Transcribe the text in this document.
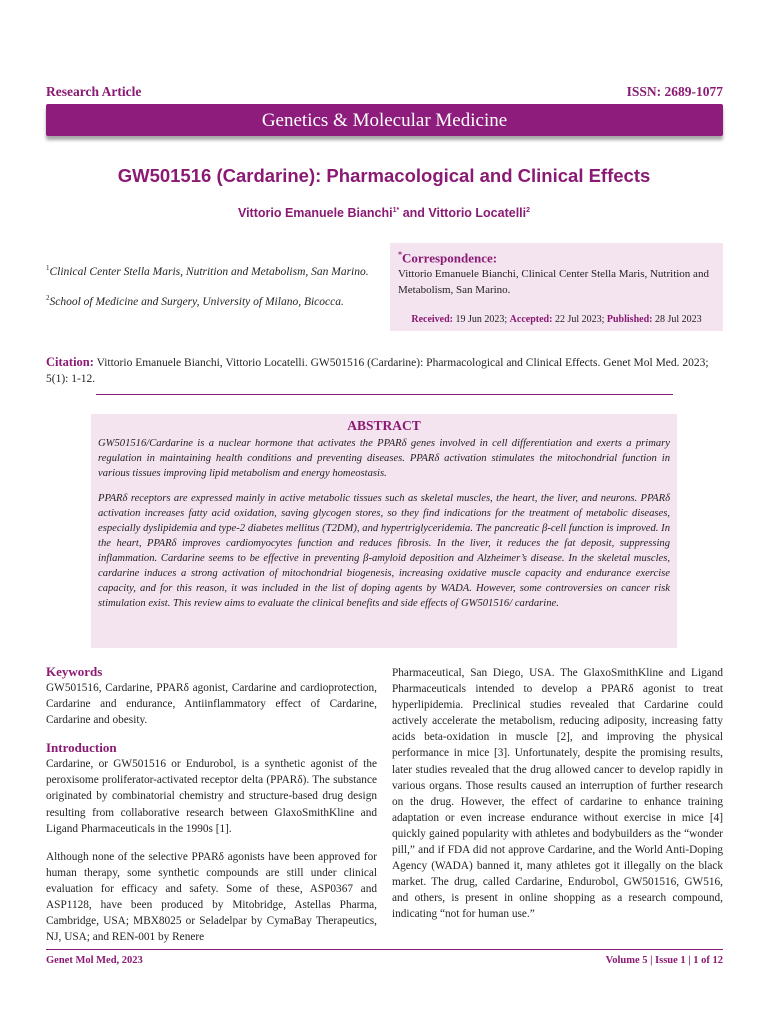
Research Article	ISSN: 2689-1077
Genetics & Molecular Medicine
GW501516 (Cardarine): Pharmacological and Clinical Effects
Vittorio Emanuele Bianchi$^{1*}$ and Vittorio Locatelli$^2$
$^1$Clinical Center Stella Maris, Nutrition and Metabolism, San Marino.
$^2$School of Medicine and Surgery, University of Milano, Bicocca.
*Correspondence:
Vittorio Emanuele Bianchi, Clinical Center Stella Maris, Nutrition and Metabolism, San Marino.
Received: 19 Jun 2023; Accepted: 22 Jul 2023; Published: 28 Jul 2023
Citation: Vittorio Emanuele Bianchi, Vittorio Locatelli. GW501516 (Cardarine): Pharmacological and Clinical Effects. Genet Mol Med. 2023; 5(1): 1-12.
ABSTRACT

GW501516/Cardarine is a nuclear hormone that activates the PPARδ genes involved in cell differentiation and exerts a primary regulation in maintaining health conditions and preventing diseases. PPARδ activation stimulates the mitochondrial function in various tissues improving lipid metabolism and energy homeostasis.

PPARδ receptors are expressed mainly in active metabolic tissues such as skeletal muscles, the heart, the liver, and neurons. PPARδ activation increases fatty acid oxidation, saving glycogen stores, so they find indications for the treatment of metabolic diseases, especially dyslipidemia and type-2 diabetes mellitus (T2DM), and hypertriglyceridemia. The pancreatic β-cell function is improved. In the heart, PPARδ improves cardiomyocytes function and reduces fibrosis. In the liver, it reduces the fat deposit, suppressing inflammation. Cardarine seems to be effective in preventing β-amyloid deposition and Alzheimer’s disease. In the skeletal muscles, cardarine induces a strong activation of mitochondrial biogenesis, increasing oxidative muscle capacity and endurance exercise capacity, and for this reason, it was included in the list of doping agents by WADA. However, some controversies on cancer risk stimulation exist. This review aims to evaluate the clinical benefits and side effects of GW501516/ cardarine.

Keywords
GW501516, Cardarine, PPARδ agonist, Cardarine and cardioprotection, Cardarine and endurance, Antiinflammatory effect of Cardarine, Cardarine and obesity.
Introduction
Cardarine, or GW501516 or Endurobol, is a synthetic agonist of the peroxisome proliferator-activated receptor delta (PPARδ). The substance originated by combinatorial chemistry and structure-based drug design resulting from collaborative research between GlaxoSmithKline and Ligand Pharmaceuticals in the 1990s [1].
Although none of the selective PPARδ agonists have been approved for human therapy, some synthetic compounds are still under clinical evaluation for efficacy and safety. Some of these, ASP0367 and ASP1128, have been produced by Mitobridge, Astellas Pharma, Cambridge, USA; MBX8025 or Seladelpar by CymaBay Therapeutics, NJ, USA; and REN-001 by Renere
Pharmaceutical, San Diego, USA. The GlaxoSmithKline and Ligand Pharmaceuticals intended to develop a PPARδ agonist to treat hyperlipidemia. Preclinical studies revealed that Cardarine could actively accelerate the metabolism, reducing adiposity, increasing fatty acids beta-oxidation in muscle [2], and improving the physical performance in mice [3]. Unfortunately, despite the promising results, later studies revealed that the drug allowed cancer to develop rapidly in various organs. Those results caused an interruption of further research on the drug. However, the effect of cardarine to enhance training adaptation or even increase endurance without exercise in mice [4] quickly gained popularity with athletes and bodybuilders as the “wonder pill,” and if FDA did not approve Cardarine, and the World Anti-Doping Agency (WADA) banned it, many athletes got it illegally on the black market. The drug, called Cardarine, Endurobol, GW501516, GW516, and others, is present in online shopping as a research compound, indicating “not for human use.”
Genet Mol Med, 2023	Volume 5 | Issue 1 | 1 of 12
